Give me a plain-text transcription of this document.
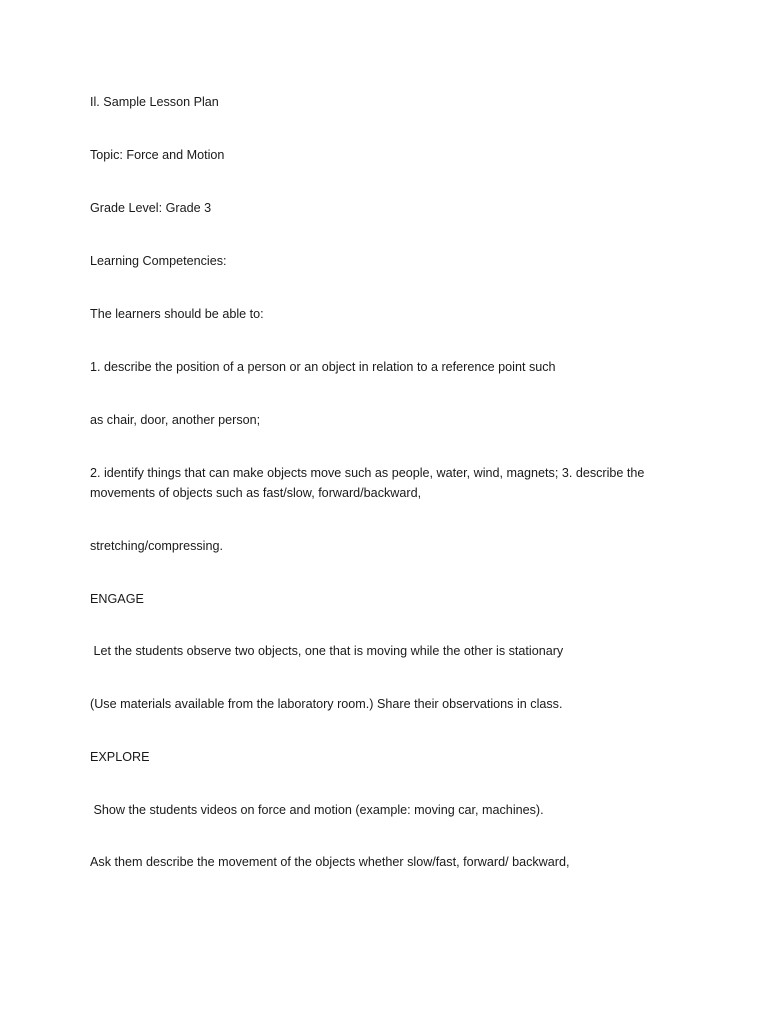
Il. Sample Lesson Plan

Topic: Force and Motion

Grade Level: Grade 3

Learning Competencies:

The learners should be able to:

1. describe the position of a person or an object in relation to a reference point such

as chair, door, another person;

2. identify things that can make objects move such as people, water, wind, magnets; 3. describe the movements of objects such as fast/slow, forward/backward,

stretching/compressing.

ENGAGE

Let the students observe two objects, one that is moving while the other is stationary

(Use materials available from the laboratory room.) Share their observations in class.

EXPLORE

Show the students videos on force and motion (example: moving car, machines).

Ask them describe the movement of the objects whether slow/fast, forward/ backward,
